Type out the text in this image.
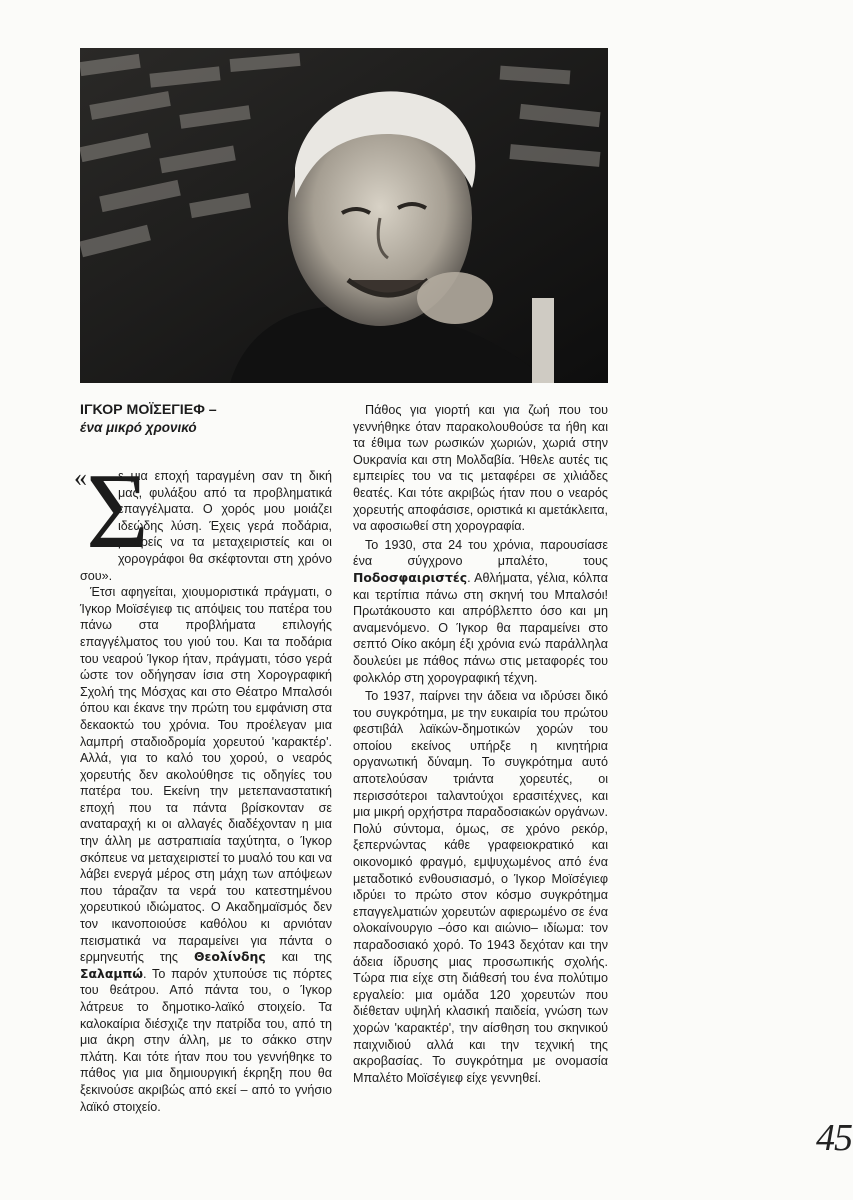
ΙΓΚΟΡ ΜΟΪΣΕΓΙΕΦ –
ένα μικρό χρονικό
« Σ

ε μια εποχή ταραγμένη σαν τη δική μας, φυλάξου από τα προβληματικά επαγγέλματα. Ο χορός μου μοιάζει ιδεώδης λύση. Έχεις γερά ποδάρια, μπορείς να τα μεταχειριστείς και οι χορογράφοι θα σκέφτονται στη χρόνο σου».

Έτσι αφηγείται, χιουμοριστικά πράγματι, ο Ίγκορ Μοϊσέγιεφ τις απόψεις του πατέρα του πάνω στα προβλήματα επιλογής επαγγέλματος του γιού του. Και τα ποδάρια του νεαρού Ίγκορ ήταν, πράγματι, τόσο γερά ώστε τον οδήγησαν ίσια στη Χορογραφική Σχολή της Μόσχας και στο Θέατρο Μπαλσόι όπου και έκανε την πρώτη του εμφάνιση στα δεκαοκτώ του χρόνια. Του προέλεγαν μια λαμπρή σταδιοδρομία χορευτού 'καρακτέρ'. Αλλά, για το καλό του χορού, ο νεαρός χορευτής δεν ακολούθησε τις οδηγίες του πατέρα του. Εκείνη την μετεπαναστατική εποχή που τα πάντα βρίσκονταν σε αναταραχή κι οι αλλαγές διαδέχονταν η μια την άλλη με αστραπιαία ταχύτητα, ο Ίγκορ σκόπευε να μεταχειριστεί το μυαλό του και να λάβει ενεργά μέρος στη μάχη των απόψεων που τάραζαν τα νερά του κατεστημένου χορευτικού ιδιώματος. Ο Ακαδημαϊσμός δεν τον ικανοποιούσε καθόλου κι αρνιόταν πεισματικά να παραμείνει για πάντα ο ερμηνευτής της Θεολίνδης και της Σαλαμπώ. Το παρόν χτυπούσε τις πόρτες του θεάτρου. Από πάντα του, ο Ίγκορ λάτρευε το δημοτικο-λαϊκό στοιχείο. Τα καλοκαίρια διέσχιζε την πατρίδα του, από τη μια άκρη στην άλλη, με το σάκκο στην πλάτη. Και τότε ήταν που του γεννήθηκε το πάθος για μια δημιουργική έκρηξη που θα ξεκινούσε ακριβώς από εκεί – από το γνήσιο λαϊκό στοιχείο.

Πάθος για γιορτή και για ζωή που του γεννήθηκε όταν παρακολουθούσε τα ήθη και τα έθιμα των ρωσικών χωριών, χωριά στην Ουκρανία και στη Μολδαβία. Ήθελε αυτές τις εμπειρίες του να τις μεταφέρει σε χιλιάδες θεατές. Και τότε ακριβώς ήταν που ο νεαρός χορευτής αποφάσισε, οριστικά κι αμετάκλειτα, να αφοσιωθεί στη χορογραφία.

Το 1930, στα 24 του χρόνια, παρουσίασε ένα σύγχρονο μπαλέτο, τους Ποδοσφαιριστές. Αθλήματα, γέλια, κόλπα και τερτίπια πάνω στη σκηνή του Μπαλσόι! Πρωτάκουστο και απρόβλεπτο όσο και μη αναμενόμενο. Ο Ίγκορ θα παραμείνει στο σεπτό Οίκο ακόμη έξι χρόνια ενώ παράλληλα δουλεύει με πάθος πάνω στις μεταφορές του φολκλόρ στη χορογραφική τέχνη.

Το 1937, παίρνει την άδεια να ιδρύσει δικό του συγκρότημα, με την ευκαιρία του πρώτου φεστιβάλ λαϊκών-δημοτικών χορών του οποίου εκείνος υπήρξε η κινητήρια οργανωτική δύναμη. Το συγκρότημα αυτό αποτελούσαν τριάντα χορευτές, οι περισσότεροι ταλαντούχοι ερασιτέχνες, και μια μικρή ορχήστρα παραδοσιακών οργάνων. Πολύ σύντομα, όμως, σε χρόνο ρεκόρ, ξεπερνώντας κάθε γραφειοκρατικό και οικονομικό φραγμό, εμψυχωμένος από ένα μεταδοτικό ενθουσιασμό, ο Ίγκορ Μοϊσέγιεφ ιδρύει το πρώτο στον κόσμο συγκρότημα επαγγελματιών χορευτών αφιερωμένο σε ένα ολοκαίνουργιο –όσο και αιώνιο– ιδίωμα: τον παραδοσιακό χορό. Το 1943 δεχόταν και την άδεια ίδρυσης μιας προσωπικής σχολής. Τώρα πια είχε στη διάθεσή του ένα πολύτιμο εργαλείο: μια ομάδα 120 χορευτών που διέθεταν υψηλή κλασική παιδεία, γνώση των χορών 'καρακτέρ', την αίσθηση του σκηνικού παιχνιδιού αλλά και την τεχνική της ακροβασίας. Το συγκρότημα με ονομασία Μπαλέτο Μοϊσέγιεφ είχε γεννηθεί.

45
